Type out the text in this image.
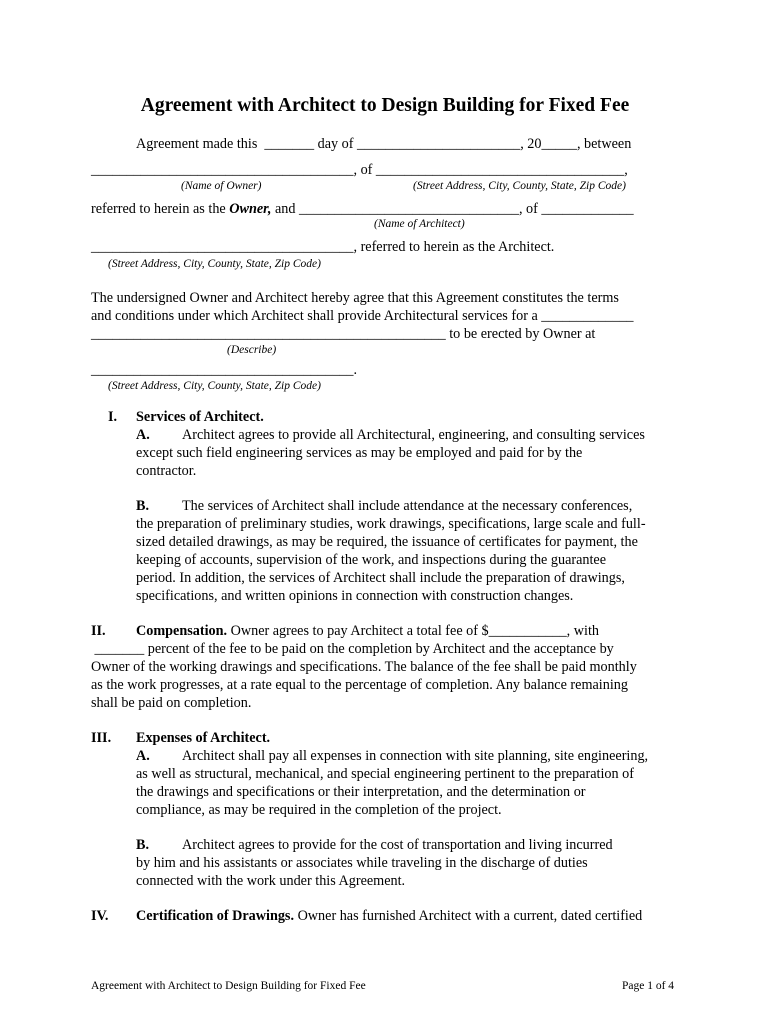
Agreement with Architect to Design Building for Fixed Fee
Agreement made this  _______ day of _______________________, 20_____, between
_____________________________________, of ___________________________________,
(Name of Owner)	(Street Address, City, County, State, Zip Code)
referred to herein as the Owner, and _______________________________, of _____________
(Name of Architect)
_____________________________________, referred to herein as the Architect.
(Street Address, City, County, State, Zip Code)
The undersigned Owner and Architect hereby agree that this Agreement constitutes the terms
and conditions under which Architect shall provide Architectural services for a _____________
__________________________________________________ to be erected by Owner at
(Describe)
_____________________________________.
(Street Address, City, County, State, Zip Code)
I. Services of Architect.
A. Architect agrees to provide all Architectural, engineering, and consulting services
except such field engineering services as may be employed and paid for by the
contractor.
B. The services of Architect shall include attendance at the necessary conferences,
the preparation of preliminary studies, work drawings, specifications, large scale and full-
sized detailed drawings, as may be required, the issuance of certificates for payment, the
keeping of accounts, supervision of the work, and inspections during the guarantee
period. In addition, the services of Architect shall include the preparation of drawings,
specifications, and written opinions in connection with construction changes.
II. Compensation. Owner agrees to pay Architect a total fee of $___________, with
_______ percent of the fee to be paid on the completion by Architect and the acceptance by
Owner of the working drawings and specifications. The balance of the fee shall be paid monthly
as the work progresses, at a rate equal to the percentage of completion. Any balance remaining
shall be paid on completion.
III. Expenses of Architect.
A. Architect shall pay all expenses in connection with site planning, site engineering,
as well as structural, mechanical, and special engineering pertinent to the preparation of
the drawings and specifications or their interpretation, and the determination or
compliance, as may be required in the completion of the project.
B. Architect agrees to provide for the cost of transportation and living incurred
by him and his assistants or associates while traveling in the discharge of duties
connected with the work under this Agreement.
IV. Certification of Drawings. Owner has furnished Architect with a current, dated certified
Agreement with Architect to Design Building for Fixed Fee	Page 1 of 4
